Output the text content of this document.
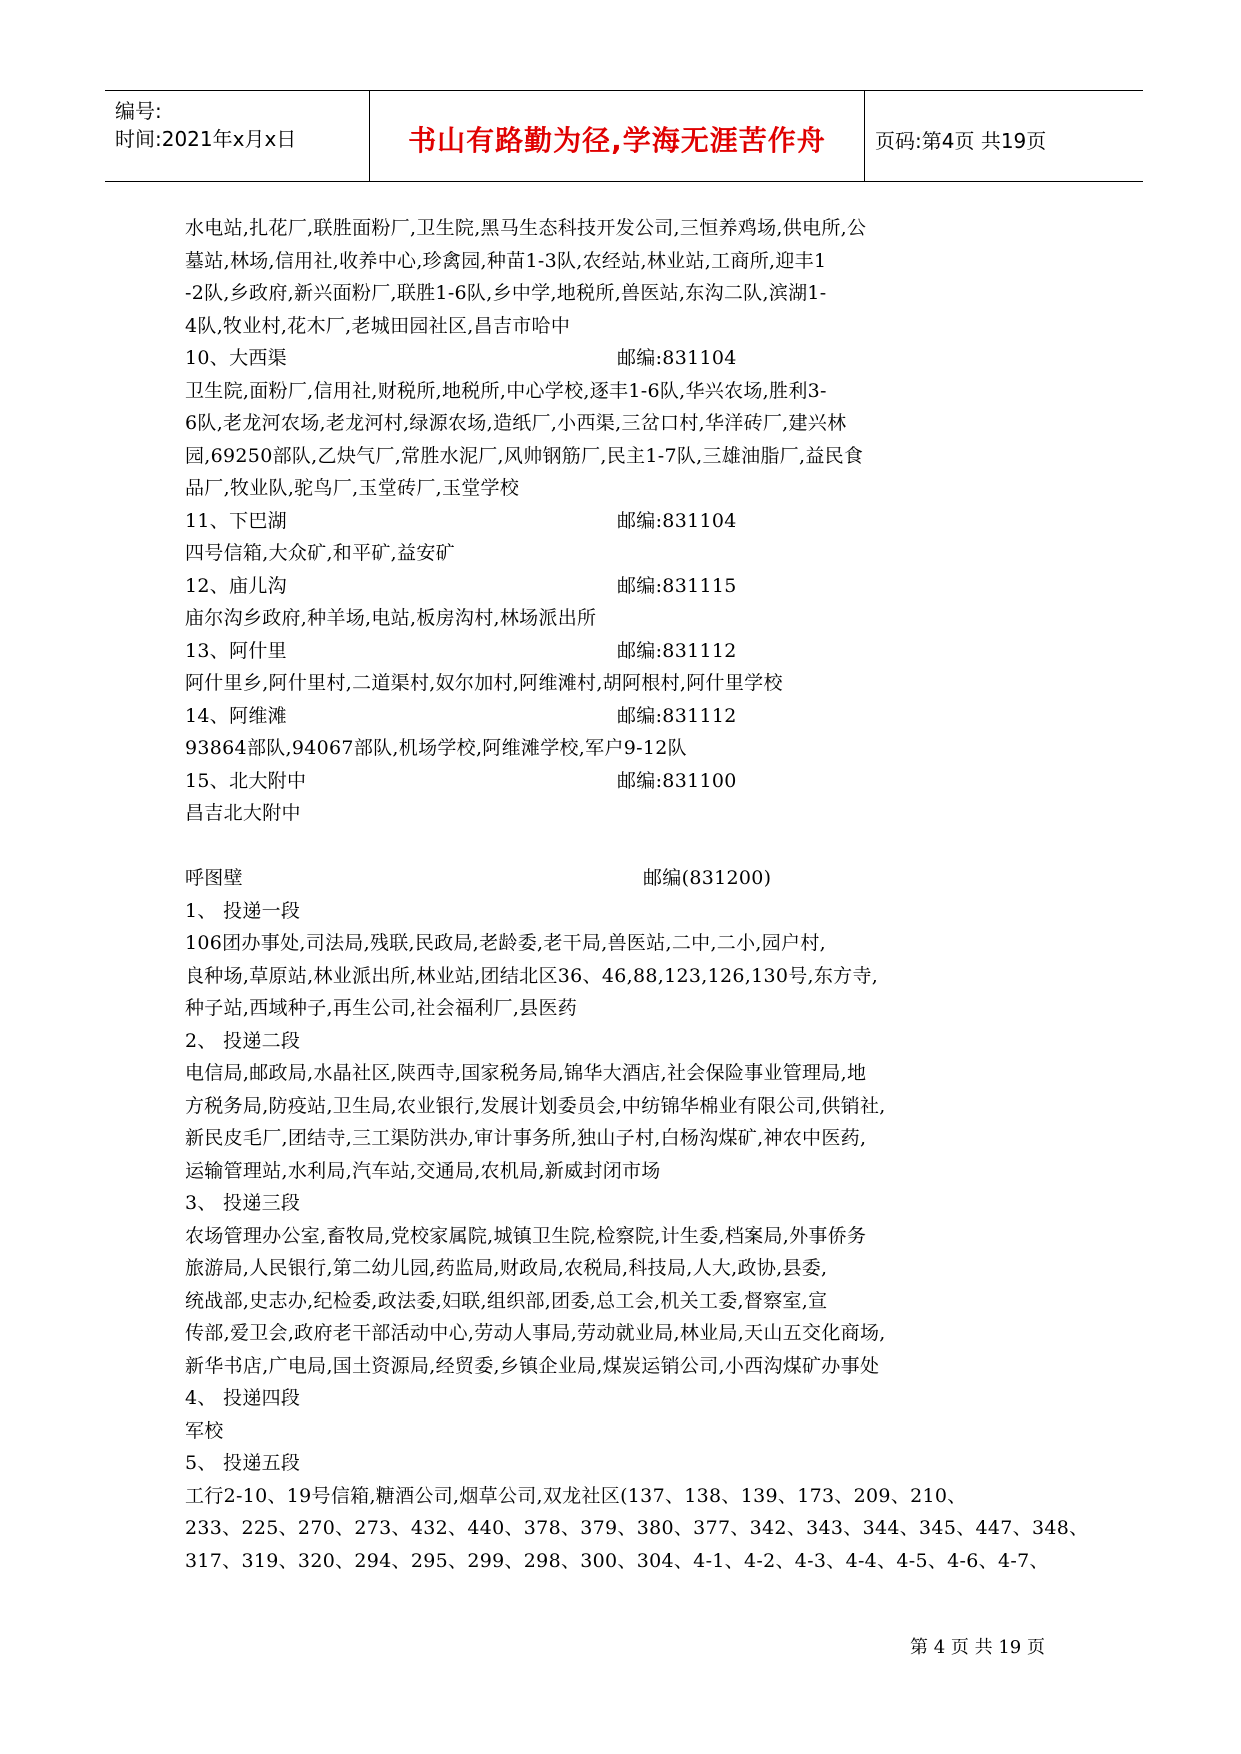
编号:
时间:2021年x月x日	书山有路勤为径,学海无涯苦作舟	页码:第4页 共19页
水电站,扎花厂,联胜面粉厂,卫生院,黑马生态科技开发公司,三恒养鸡场,供电所,公
墓站,林场,信用社,收养中心,珍禽园,种苗1-3队,农经站,林业站,工商所,迎丰1
-2队,乡政府,新兴面粉厂,联胜1-6队,乡中学,地税所,兽医站,东沟二队,滨湖1-
4队,牧业村,花木厂,老城田园社区,昌吉市哈中
10、大西渠	邮编:831104
卫生院,面粉厂,信用社,财税所,地税所,中心学校,逐丰1-6队,华兴农场,胜利3-
6队,老龙河农场,老龙河村,绿源农场,造纸厂,小西渠,三岔口村,华洋砖厂,建兴林
园,69250部队,乙炔气厂,常胜水泥厂,风帅钢筋厂,民主1-7队,三雄油脂厂,益民食
品厂,牧业队,驼鸟厂,玉堂砖厂,玉堂学校
11、下巴湖	邮编:831104
四号信箱,大众矿,和平矿,益安矿
12、庙儿沟	邮编:831115
庙尔沟乡政府,种羊场,电站,板房沟村,林场派出所
13、阿什里	邮编:831112
阿什里乡,阿什里村,二道渠村,奴尔加村,阿维滩村,胡阿根村,阿什里学校
14、阿维滩	邮编:831112
93864部队,94067部队,机场学校,阿维滩学校,军户9-12队
15、北大附中	邮编:831100
昌吉北大附中
呼图壁	邮编(831200)
1、 投递一段
106团办事处,司法局,残联,民政局,老龄委,老干局,兽医站,二中,二小,园户村,
良种场,草原站,林业派出所,林业站,团结北区36、46,88,123,126,130号,东方寺,
种子站,西域种子,再生公司,社会福利厂,县医药
2、 投递二段
电信局,邮政局,水晶社区,陕西寺,国家税务局,锦华大酒店,社会保险事业管理局,地
方税务局,防疫站,卫生局,农业银行,发展计划委员会,中纺锦华棉业有限公司,供销社,
新民皮毛厂,团结寺,三工渠防洪办,审计事务所,独山子村,白杨沟煤矿,神农中医药,
运输管理站,水利局,汽车站,交通局,农机局,新威封闭市场
3、 投递三段
农场管理办公室,畜牧局,党校家属院,城镇卫生院,检察院,计生委,档案局,外事侨务
旅游局,人民银行,第二幼儿园,药监局,财政局,农税局,科技局,人大,政协,县委,
统战部,史志办,纪检委,政法委,妇联,组织部,团委,总工会,机关工委,督察室,宣
传部,爱卫会,政府老干部活动中心,劳动人事局,劳动就业局,林业局,天山五交化商场,
新华书店,广电局,国土资源局,经贸委,乡镇企业局,煤炭运销公司,小西沟煤矿办事处
4、 投递四段
军校
5、 投递五段
工行2-10、19号信箱,糖酒公司,烟草公司,双龙社区(137、138、139、173、209、210、
233、225、270、273、432、440、378、379、380、377、342、343、344、345、447、348、
317、319、320、294、295、299、298、300、304、4-1、4-2、4-3、4-4、4-5、4-6、4-7、
第 4 页 共 19 页
